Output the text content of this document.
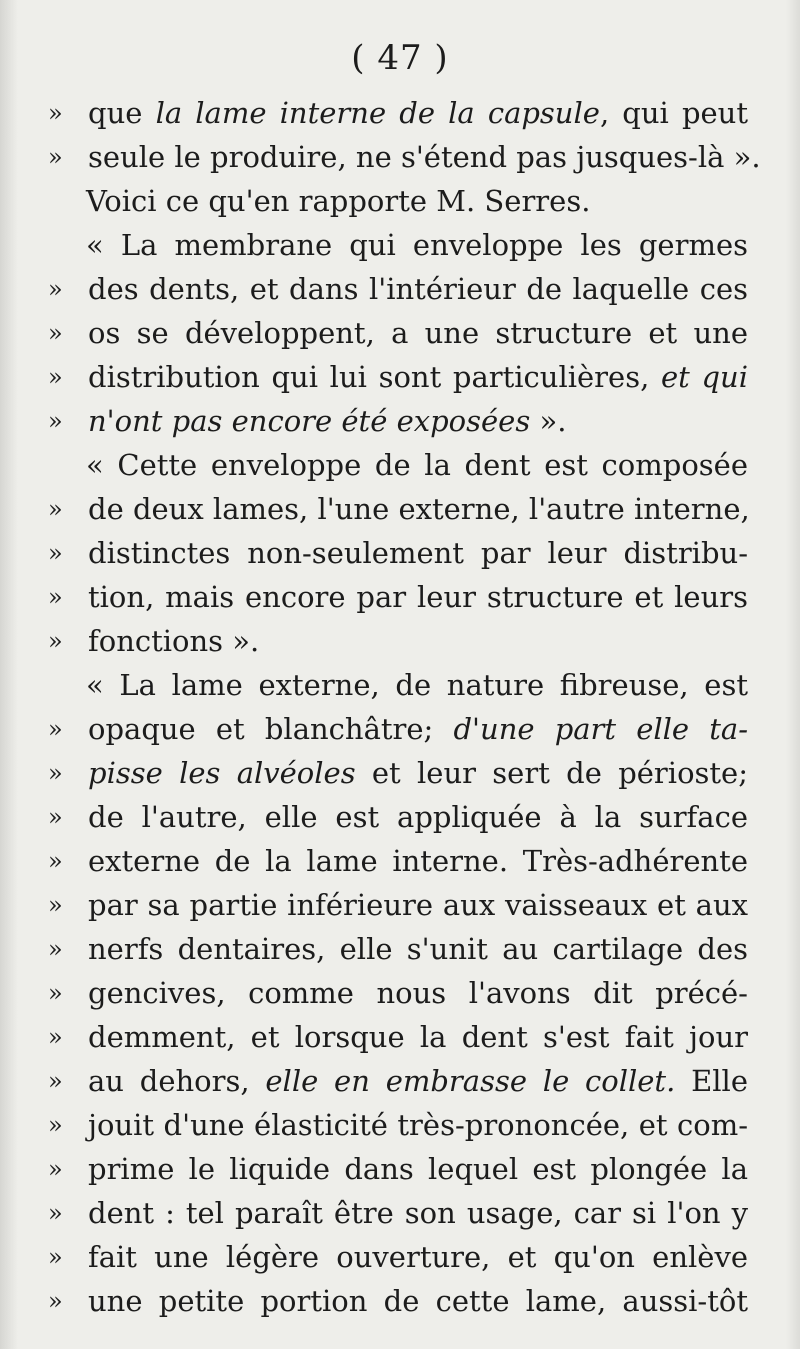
( 47 )
» que la lame interne de la capsule, qui peut
» seule le produire, ne s'étend pas jusques-là ».
Voici ce qu'en rapporte M. Serres.
« La membrane qui enveloppe les germes
» des dents, et dans l'intérieur de laquelle ces
» os se développent, a une structure et une
» distribution qui lui sont particulières, et qui
» n'ont pas encore été exposées ».
« Cette enveloppe de la dent est composée
» de deux lames, l'une externe, l'autre interne,
» distinctes non-seulement par leur distribu-
» tion, mais encore par leur structure et leurs
» fonctions ».
« La lame externe, de nature fibreuse, est
» opaque et blanchâtre; d'une part elle ta-
» pisse les alvéoles et leur sert de périoste;
» de l'autre, elle est appliquée à la surface
» externe de la lame interne. Très-adhérente
» par sa partie inférieure aux vaisseaux et aux
» nerfs dentaires, elle s'unit au cartilage des
» gencives, comme nous l'avons dit précé-
» demment, et lorsque la dent s'est fait jour
» au dehors, elle en embrasse le collet. Elle
» jouit d'une élasticité très-prononcée, et com-
» prime le liquide dans lequel est plongée la
» dent : tel paraît être son usage, car si l'on y
» fait une légère ouverture, et qu'on enlève
» une petite portion de cette lame, aussi-tôt
